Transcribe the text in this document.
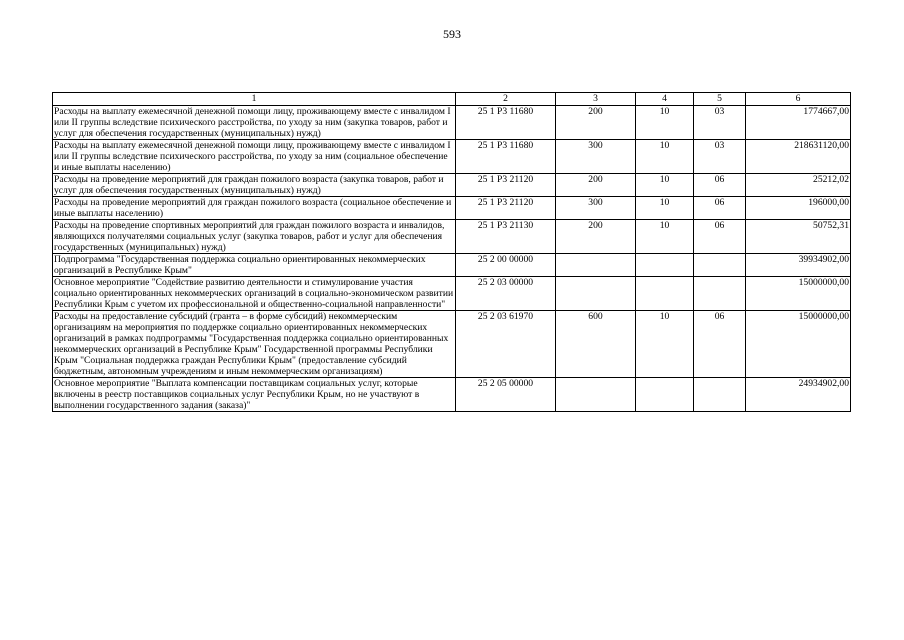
593
1	2	3	4	5	6
Расходы на выплату ежемесячной денежной помощи лицу, проживающему вместе с инвалидом I или II группы вследствие психического расстройства, по уходу за ним (закупка товаров, работ и услуг для обеспечения государственных (муниципальных) нужд)	25 1 Р3 11680	200	10	03	1774667,00
Расходы на выплату ежемесячной денежной помощи лицу, проживающему вместе с инвалидом I или II группы вследствие психического расстройства, по уходу за ним (социальное обеспечение и иные выплаты населению)	25 1 Р3 11680	300	10	03	218631120,00
Расходы на проведение мероприятий для граждан пожилого возраста (закупка товаров, работ и услуг для обеспечения государственных (муниципальных) нужд)	25 1 Р3 21120	200	10	06	25212,02
Расходы на проведение мероприятий для граждан пожилого возраста (социальное обеспечение и иные выплаты населению)	25 1 Р3 21120	300	10	06	196000,00
Расходы на проведение спортивных мероприятий для граждан пожилого возраста и инвалидов, являющихся получателями социальных услуг (закупка товаров, работ и услуг для обеспечения государственных (муниципальных) нужд)	25 1 Р3 21130	200	10	06	50752,31
Подпрограмма "Государственная поддержка социально ориентированных некоммерческих организаций в Республике Крым"	25 2 00 00000				39934902,00
Основное мероприятие "Содействие развитию деятельности и стимулирование участия социально ориентированных некоммерческих организаций в социально-экономическом развитии Республики Крым с учетом их профессиональной и общественно-социальной направленности"	25 2 03 00000				15000000,00
Расходы на предоставление субсидий (гранта – в форме субсидий) некоммерческим организациям на мероприятия по поддержке социально ориентированных некоммерческих организаций в рамках подпрограммы "Государственная поддержка социально ориентированных некоммерческих организаций в Республике Крым" Государственной программы Республики Крым "Социальная поддержка граждан Республики Крым" (предоставление субсидий бюджетным, автономным учреждениям и иным некоммерческим организациям)	25 2 03 61970	600	10	06	15000000,00
Основное мероприятие "Выплата компенсации поставщикам социальных услуг, которые включены в реестр поставщиков социальных услуг Республики Крым, но не участвуют в выполнении государственного задания (заказа)"	25 2 05 00000				24934902,00
